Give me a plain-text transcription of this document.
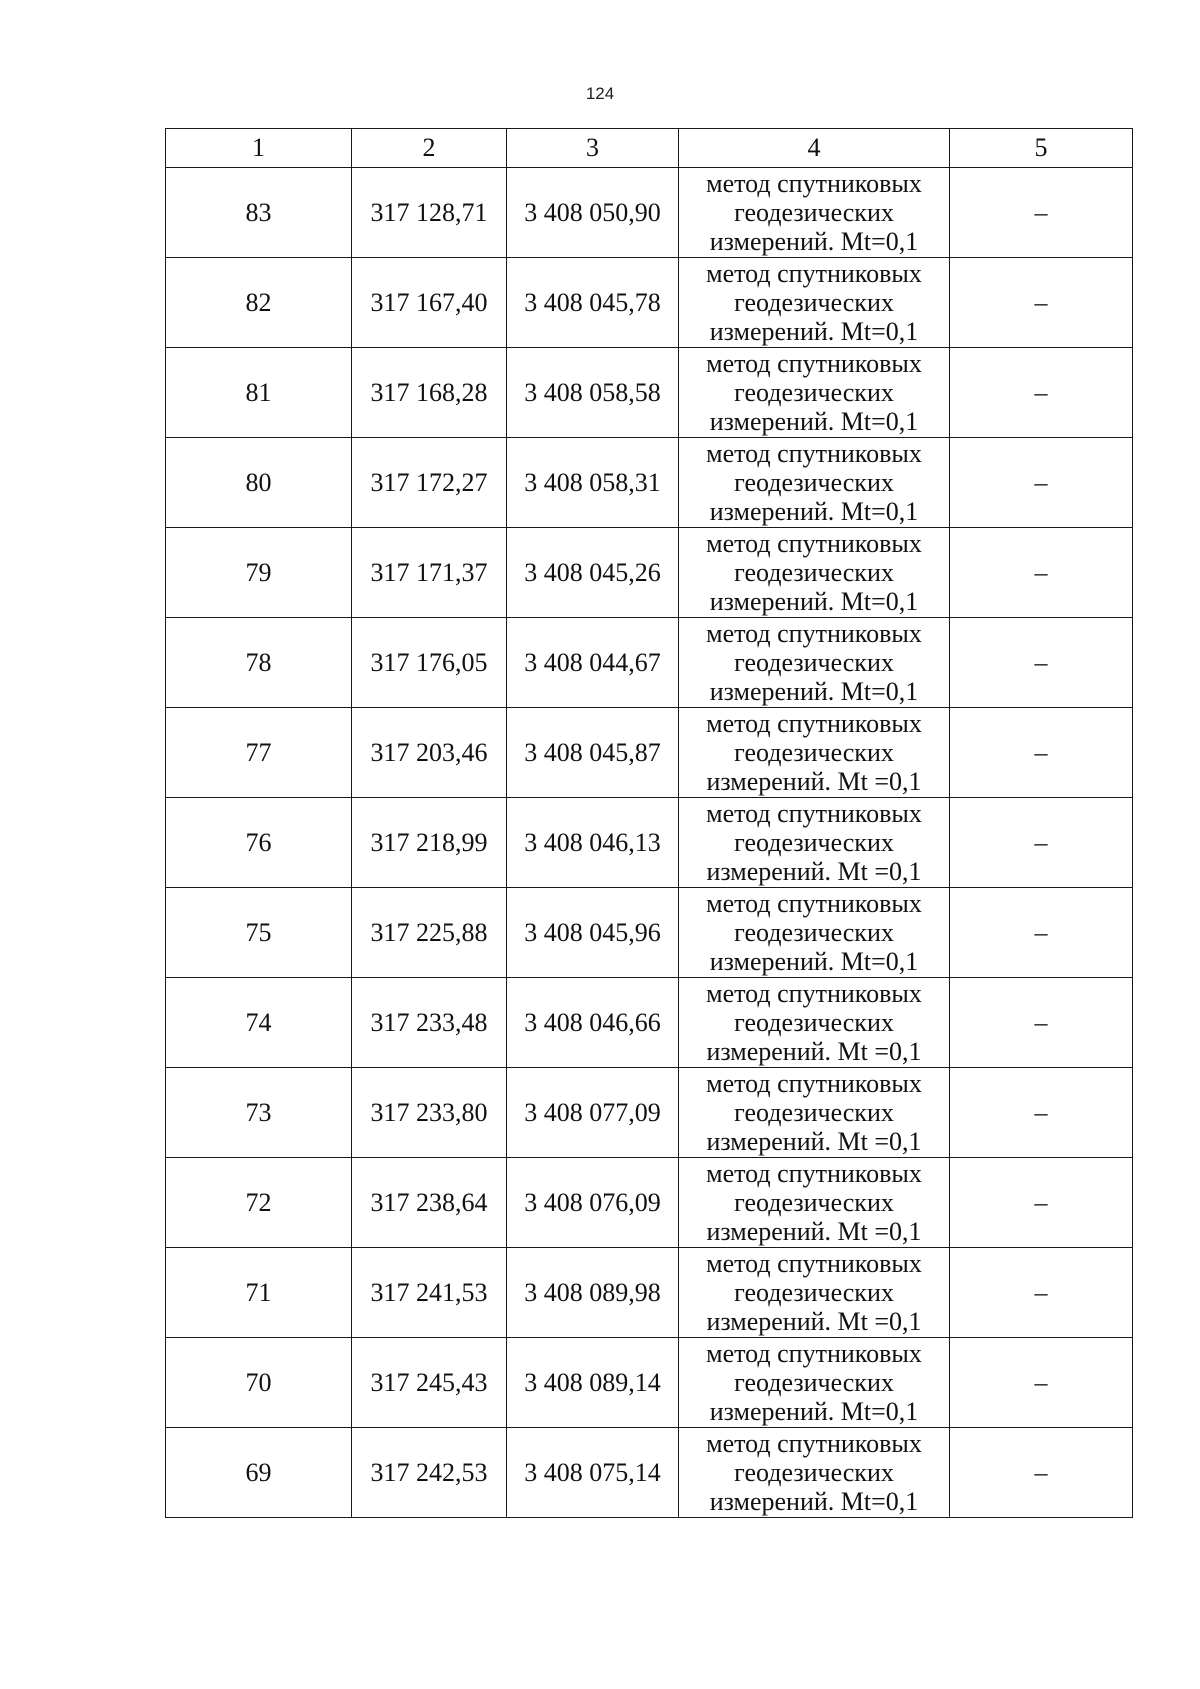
124
1	2	3	4	5
83	317 128,71	3 408 050,90	метод спутниковых
геодезических
измерений. Mt=0,1	–
82	317 167,40	3 408 045,78	метод спутниковых
геодезических
измерений. Mt=0,1	–
81	317 168,28	3 408 058,58	метод спутниковых
геодезических
измерений. Mt=0,1	–
80	317 172,27	3 408 058,31	метод спутниковых
геодезических
измерений. Mt=0,1	–
79	317 171,37	3 408 045,26	метод спутниковых
геодезических
измерений. Mt=0,1	–
78	317 176,05	3 408 044,67	метод спутниковых
геодезических
измерений. Mt=0,1	–
77	317 203,46	3 408 045,87	метод спутниковых
геодезических
измерений. Mt =0,1	–
76	317 218,99	3 408 046,13	метод спутниковых
геодезических
измерений. Mt =0,1	–
75	317 225,88	3 408 045,96	метод спутниковых
геодезических
измерений. Mt=0,1	–
74	317 233,48	3 408 046,66	метод спутниковых
геодезических
измерений. Mt =0,1	–
73	317 233,80	3 408 077,09	метод спутниковых
геодезических
измерений. Mt =0,1	–
72	317 238,64	3 408 076,09	метод спутниковых
геодезических
измерений. Mt =0,1	–
71	317 241,53	3 408 089,98	метод спутниковых
геодезических
измерений. Mt =0,1	–
70	317 245,43	3 408 089,14	метод спутниковых
геодезических
измерений. Mt=0,1	–
69	317 242,53	3 408 075,14	метод спутниковых
геодезических
измерений. Mt=0,1	–
